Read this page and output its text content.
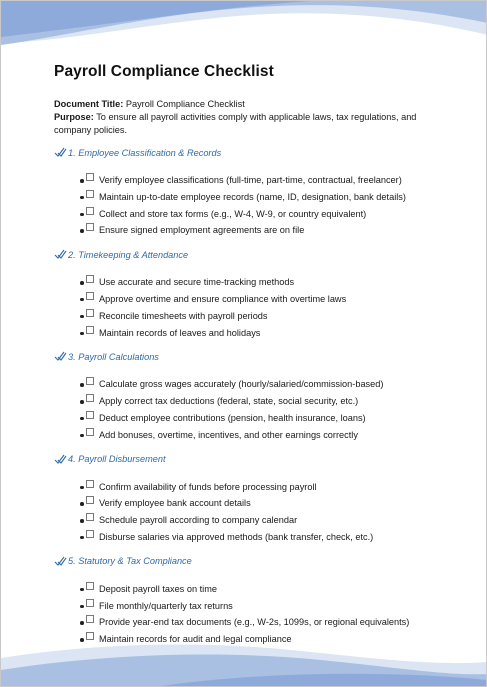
Payroll Compliance Checklist
Document Title: Payroll Compliance Checklist
Purpose: To ensure all payroll activities comply with applicable laws, tax regulations, and company policies.
1. Employee Classification & Records
Verify employee classifications (full-time, part-time, contractual, freelancer)
Maintain up-to-date employee records (name, ID, designation, bank details)
Collect and store tax forms (e.g., W-4, W-9, or country equivalent)
Ensure signed employment agreements are on file
2. Timekeeping & Attendance
Use accurate and secure time-tracking methods
Approve overtime and ensure compliance with overtime laws
Reconcile timesheets with payroll periods
Maintain records of leaves and holidays
3. Payroll Calculations
Calculate gross wages accurately (hourly/salaried/commission-based)
Apply correct tax deductions (federal, state, social security, etc.)
Deduct employee contributions (pension, health insurance, loans)
Add bonuses, overtime, incentives, and other earnings correctly
4. Payroll Disbursement
Confirm availability of funds before processing payroll
Verify employee bank account details
Schedule payroll according to company calendar
Disburse salaries via approved methods (bank transfer, check, etc.)
5. Statutory & Tax Compliance
Deposit payroll taxes on time
File monthly/quarterly tax returns
Provide year-end tax documents (e.g., W-2s, 1099s, or regional equivalents)
Maintain records for audit and legal compliance
